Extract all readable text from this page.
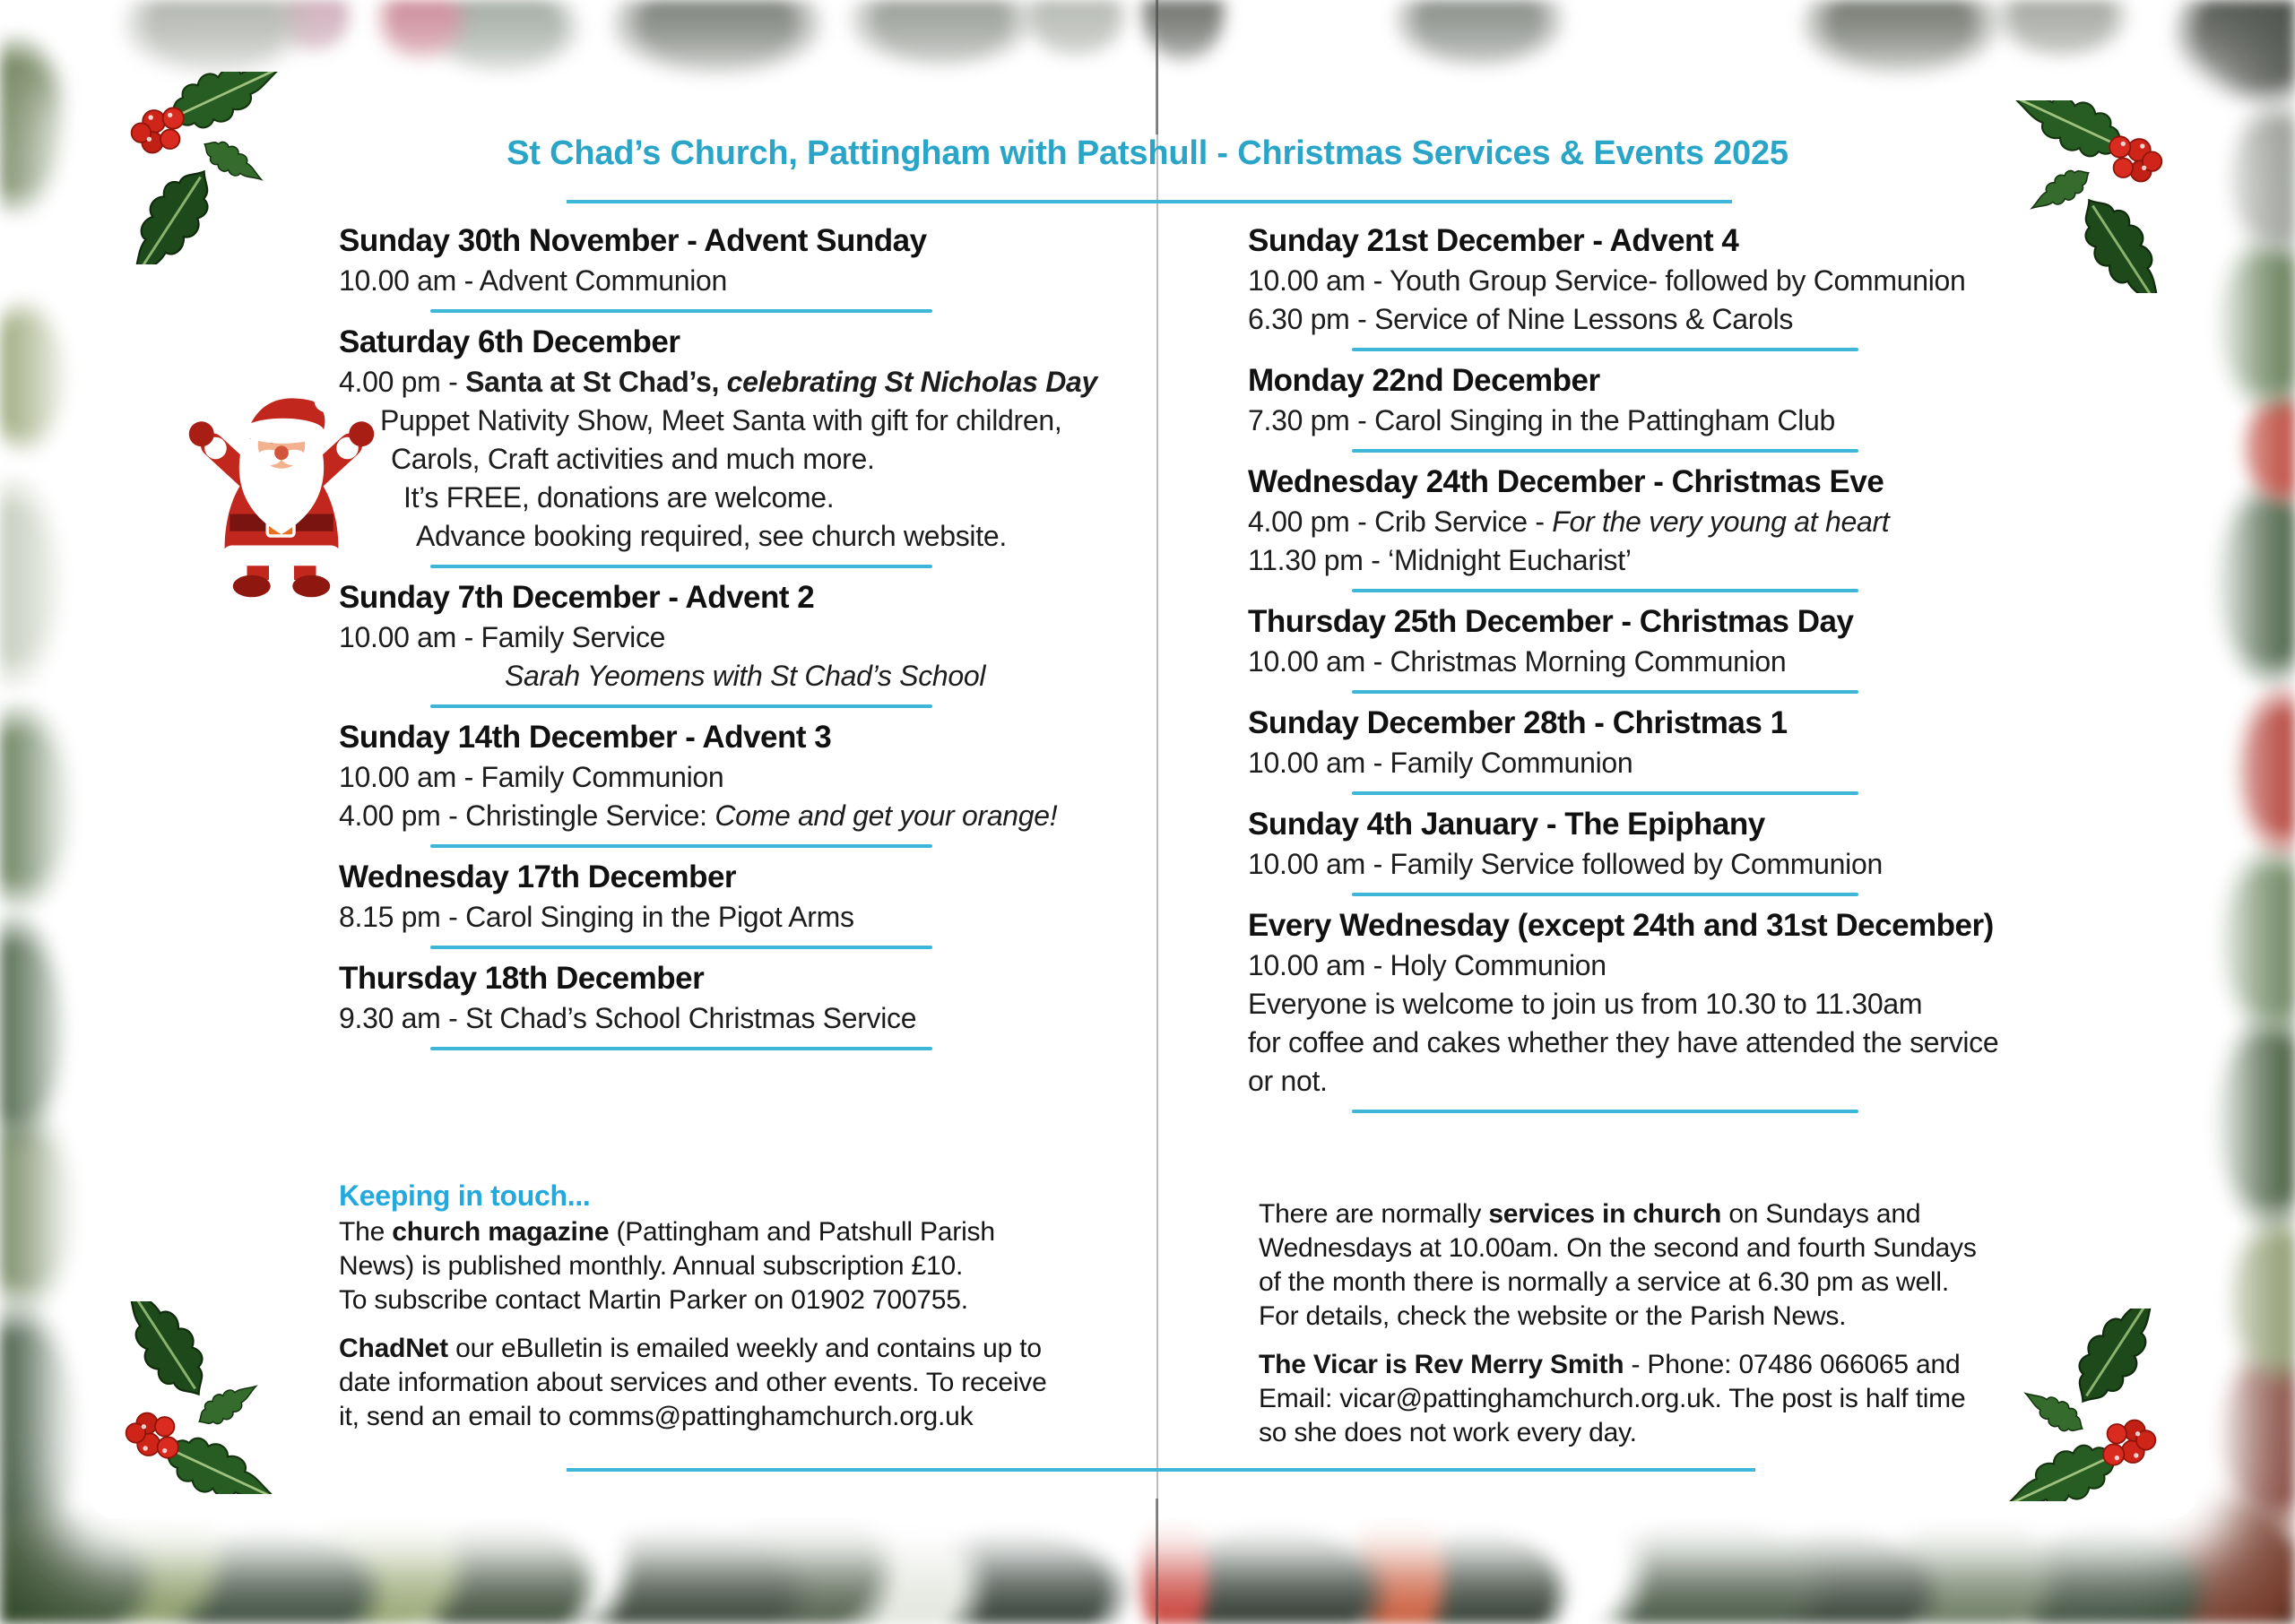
St Chad’s Church, Pattingham with Patshull - Christmas Services & Events 2025
Sunday 30th November - Advent Sunday
10.00 am - Advent Communion
Saturday 6th December
4.00 pm - Santa at St Chad’s, celebrating St Nicholas Day
Puppet Nativity Show, Meet Santa with gift for children,
Carols, Craft activities and much more.
It’s FREE, donations are welcome.
Advance booking required, see church website.
Sunday 7th December - Advent 2
10.00 am - Family Service
Sarah Yeomens with St Chad’s School
Sunday 14th December - Advent 3
10.00 am - Family Communion
4.00 pm - Christingle Service: Come and get your orange!
Wednesday 17th December
8.15 pm - Carol Singing in the Pigot Arms
Thursday 18th December
9.30 am - St Chad’s School Christmas Service
Sunday 21st December - Advent 4
10.00 am - Youth Group Service- followed by Communion
6.30 pm - Service of Nine Lessons & Carols
Monday 22nd December
7.30 pm - Carol Singing in the Pattingham Club
Wednesday 24th December - Christmas Eve
4.00 pm - Crib Service - For the very young at heart
11.30 pm - ‘Midnight Eucharist’
Thursday 25th December - Christmas Day
10.00 am - Christmas Morning Communion
Sunday December 28th - Christmas 1
10.00 am - Family Communion
Sunday 4th January - The Epiphany
10.00 am - Family Service followed by Communion
Every Wednesday (except 24th and 31st December)
10.00 am - Holy Communion
Everyone is welcome to join us from 10.30 to 11.30am
for coffee and cakes whether they have attended the service
or not.
Keeping in touch...

The church magazine (Pattingham and Patshull Parish
News) is published monthly. Annual subscription £10.
To subscribe contact Martin Parker on 01902 700755.

ChadNet our eBulletin is emailed weekly and contains up to
date information about services and other events. To receive
it, send an email to comms@pattinghamchurch.org.uk

There are normally services in church on Sundays and
Wednesdays at 10.00am. On the second and fourth Sundays
of the month there is normally a service at 6.30 pm as well.
For details, check the website or the Parish News.

The Vicar is Rev Merry Smith - Phone: 07486 066065 and
Email: vicar@pattinghamchurch.org.uk. The post is half time
so she does not work every day.
